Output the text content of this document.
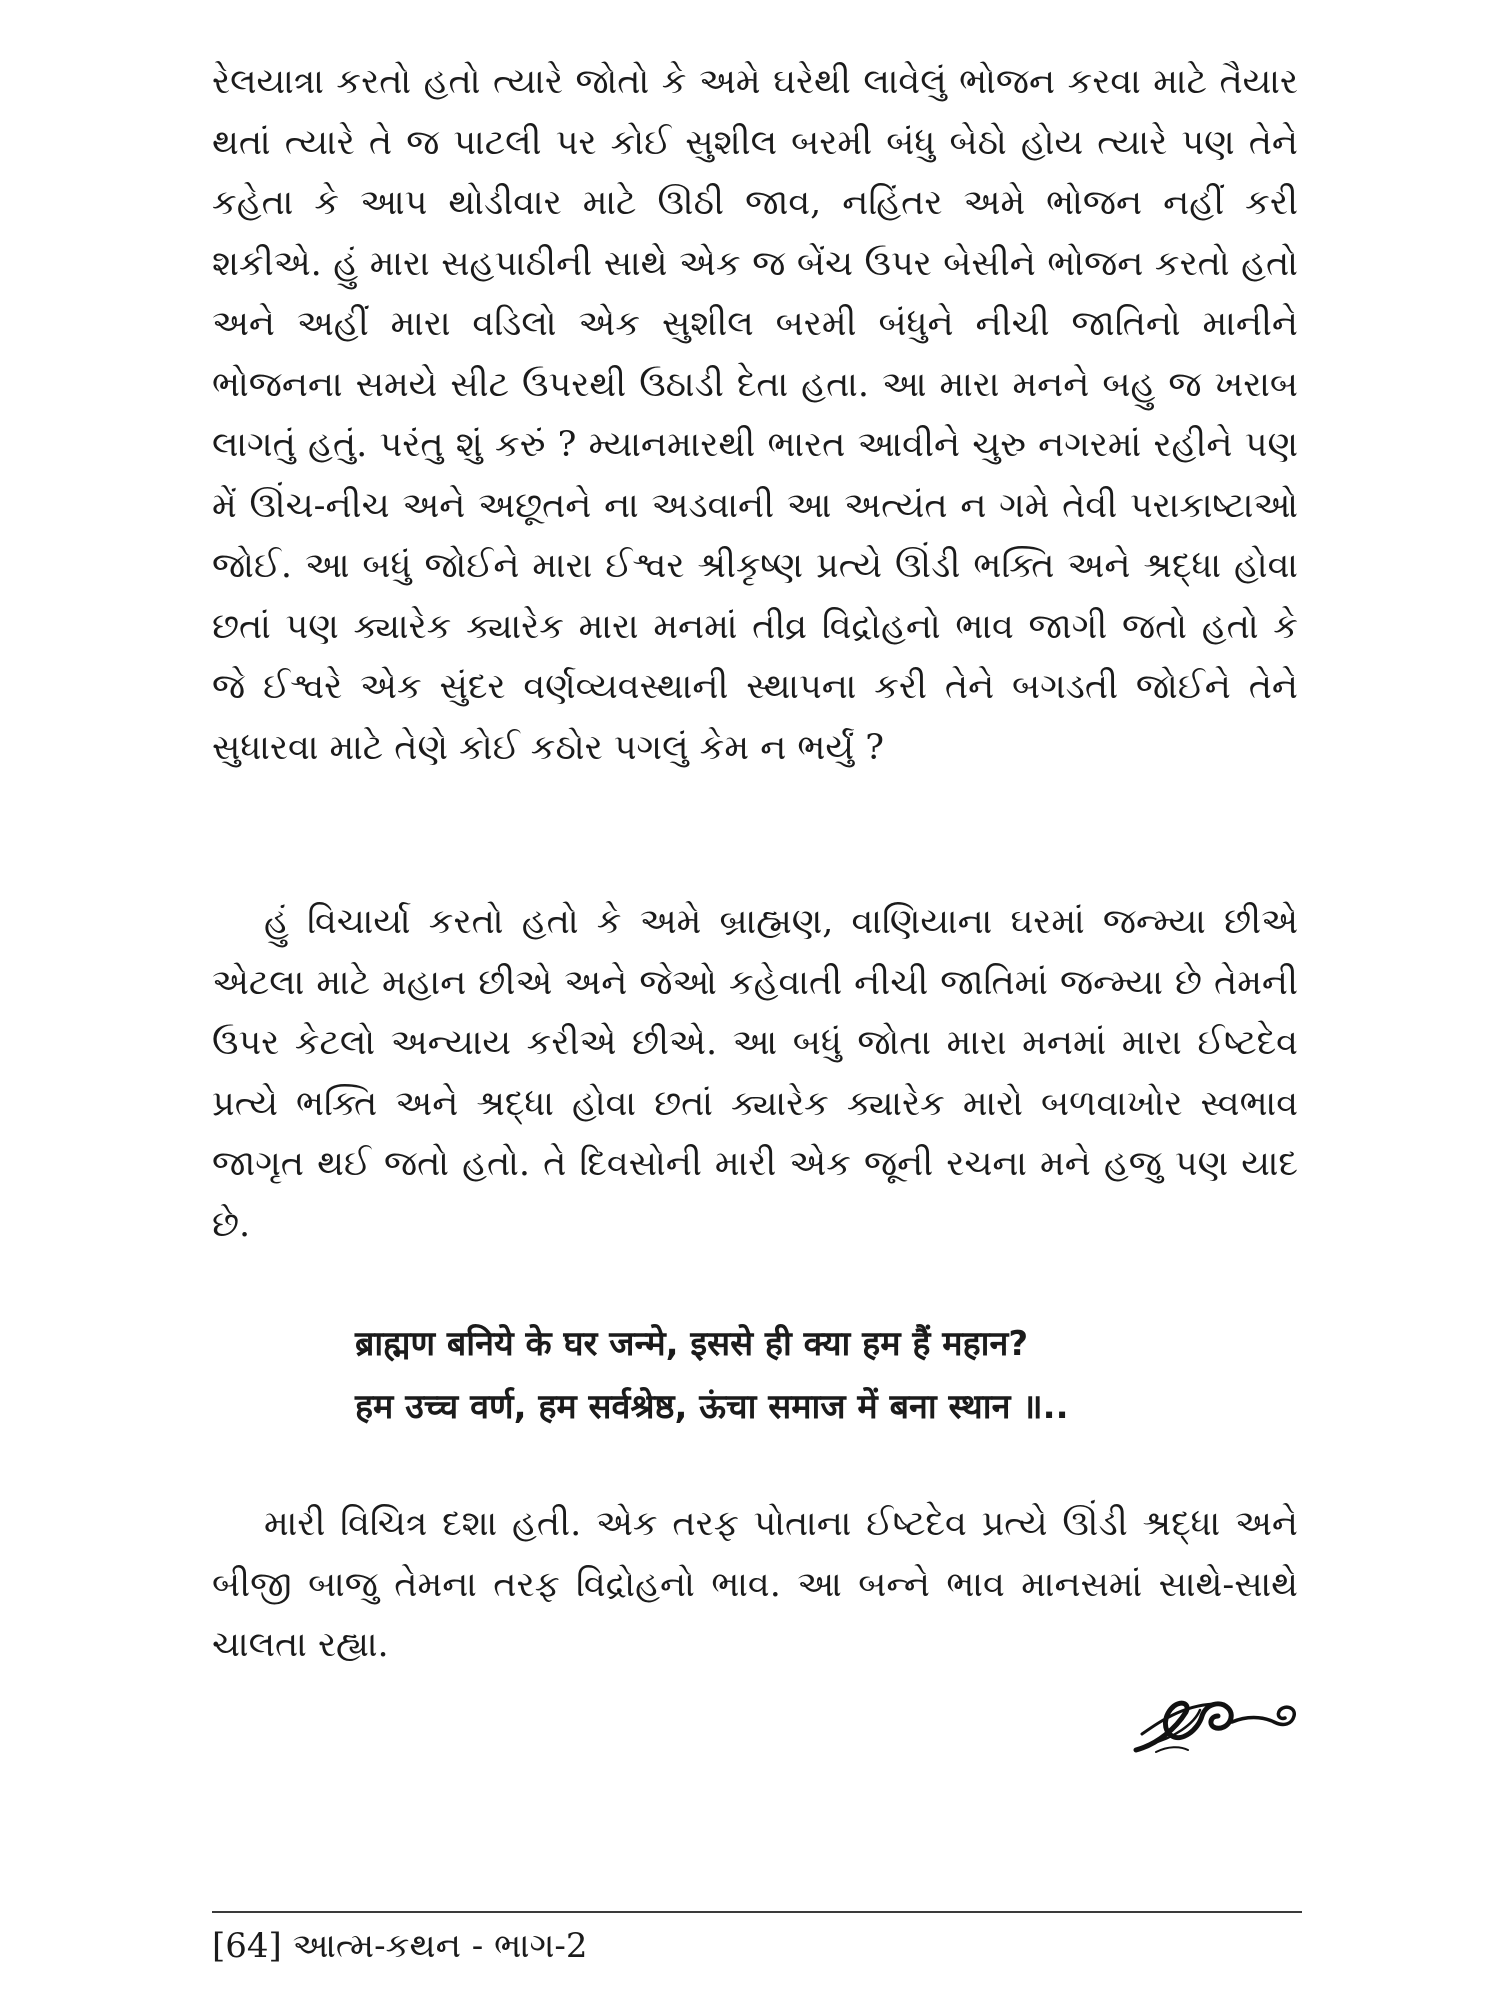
રેલયાત્રા કરતો હતો ત્યારે જોતો કે અમે ઘરેથી લાવેલું ભોજન કરવા માટે તૈયાર થતાં ત્યારે તે જ પાટલી પર કોઈ સુશીલ બરમી બંધુ બેઠો હોય ત્યારે પણ તેને કહેતા કે આપ થોડીવાર માટે ઊઠી જાવ, નહિંતર અમે ભોજન નહીં કરી શકીએ. હું મારા સહપાઠીની સાથે એક જ બેંચ ઉપર બેસીને ભોજન કરતો હતો અને અહીં મારા વડિલો એક સુશીલ બરમી બંધુને નીચી જાતિનો માનીને ભોજનના સમયે સીટ ઉપરથી ઉઠાડી દેતા હતા. આ મારા મનને બહુ જ ખરાબ લાગતું હતું. પરંતુ શું કરું ? મ્યાનમારથી ભારત આવીને ચુરુ નગરમાં રહીને પણ મેં ઊંચ-નીચ અને અછૂતને ના અડવાની આ અત્યંત ન ગમે તેવી પરાકાષ્ટાઓ જોઈ. આ બધું જોઈને મારા ઈશ્વર શ્રીકૃષ્ણ પ્રત્યે ઊંડી ભક્તિ અને શ્રદ્ધા હોવા છતાં પણ ક્યારેક ક્યારેક મારા મનમાં તીવ્ર વિદ્રોહનો ભાવ જાગી જતો હતો કે જે ઈશ્વરે એક સુંદર વર્ણવ્યવસ્થાની સ્થાપના કરી તેને બગડતી જોઈને તેને સુધારવા માટે તેણે કોઈ કઠોર પગલું કેમ ન ભર્યું ?

હું વિચાર્યા કરતો હતો કે અમે બ્રાહ્મણ, વાણિયાના ઘરમાં જન્મ્યા છીએ એટલા માટે મહાન છીએ અને જેઓ કહેવાતી નીચી જાતિમાં જન્મ્યા છે તેમની ઉપર કેટલો અન્યાય કરીએ છીએ. આ બધું જોતા મારા મનમાં મારા ઈષ્ટદેવ પ્રત્યે ભક્તિ અને શ્રદ્ધા હોવા છતાં ક્યારેક ક્યારેક મારો બળવાખોર સ્વભાવ જાગૃત થઈ જતો હતો. તે દિવસોની મારી એક જૂની રચના મને હજુ પણ યાદ છે.

ब्राह्मण बनिये के घर जन्मे, इससे ही क्या हम हैं महान?
हम उच्च वर्ण, हम सर्वश्रेष्ठ, ऊंचा समाज में बना स्थान ॥..

મારી વિચિત્ર દશા હતી. એક તરફ પોતાના ઈષ્ટદેવ પ્રત્યે ઊંડી શ્રદ્ધા અને બીજી બાજુ તેમના તરફ વિદ્રોહનો ભાવ. આ બન્ને ભાવ માનસમાં સાથે-સાથે ચાલતા રહ્યા.

[64] આત્મ-કથન - ભાગ-2
